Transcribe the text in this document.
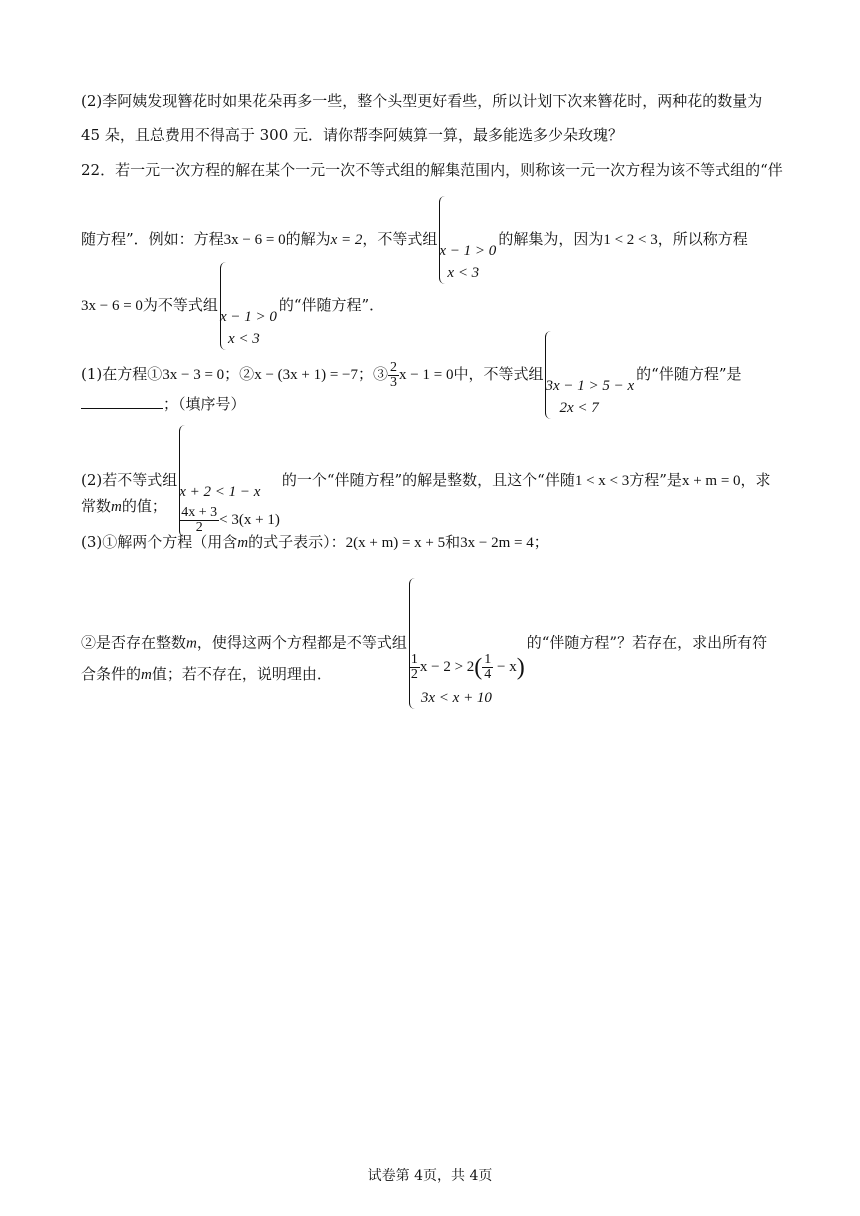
(2)李阿姨发现簪花时如果花朵再多一些，整个头型更好看些，所以计划下次来簪花时，两种花的数量为
45 朵，且总费用不得高于 300 元．请你帮李阿姨算一算，最多能选多少朵玫瑰？
22．若一元一次方程的解在某个一元一次不等式组的解集范围内，则称该一元一次方程为该不等式组的“伴
随方程”．例如：方程3x − 6 = 0的解为x = 2，不等式组
x − 1 > 0
x < 3
的解集为，因为1 < 2 < 3，所以称方程
3x − 6 = 0为不等式组
x − 1 > 0
x < 3
的“伴随方程”．
(1)在方程①3x − 3 = 0；②x − (3x + 1) = −7；③ $\frac{2}{3}$ x − 1 = 0中，不等式组
3x − 1 > 5 − x
2x < 7
的“伴随方程”是
；（填序号）
(2)若不等式组
x + 2 < 1 − x
$\frac{4x + 3}{2} < 3(x + 1)$
的一个“伴随方程”的解是整数，且这个“伴随1 < x < 3方程”是x + m = 0，求
常数m的值；
(3)①解两个方程（用含m的式子表示）：2(x + m) = x + 5和3x − 2m = 4；
②是否存在整数m，使得这两个方程都是不等式组
$\frac{1}{2}$ $x - 2 > 2( \frac{1}{4} - x)$
3x < x + 10
的“伴随方程”？若存在，求出所有符
合条件的m值；若不存在，说明理由．
试卷第 4页，共 4页
